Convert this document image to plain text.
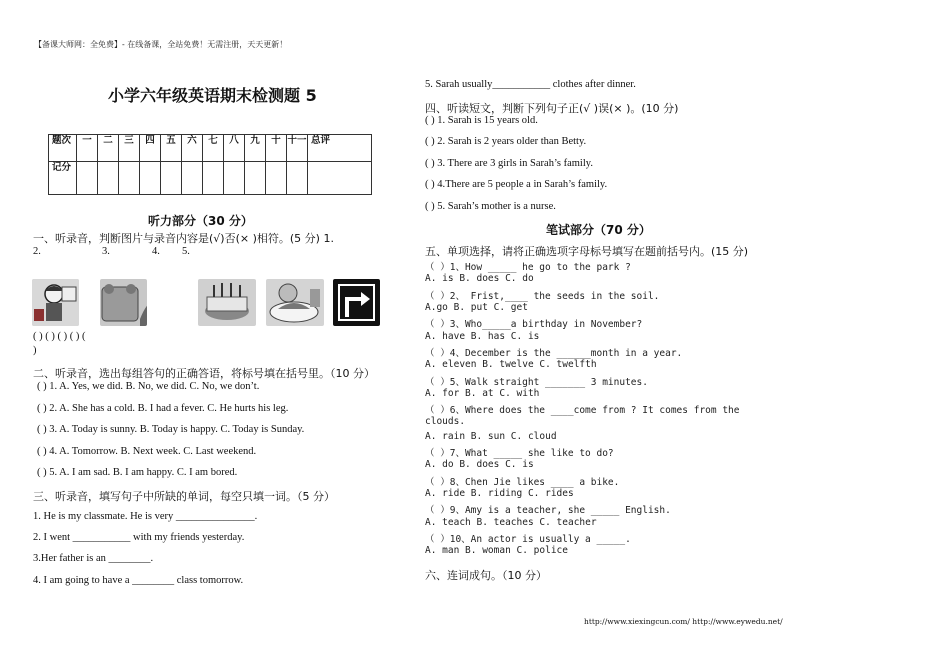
【备课大师网：全免费】- 在线备课，全站免费！无需注册，天天更新！
小学六年级英语期末检测题 5
题次	一	二	三	四	五	六	七	八	九	十	十一	总评
记分												
听力部分（30 分）
一、听录音，判断图片与录音内容是(√)否(× )相符。(5 分) 1.
2.	3.	4. 5.
( ) ( ) ( ) ( ) (
)
二、听录音，选出每组答句的正确答语，将标号填在括号里。（10 分）
( ) 1. A. Yes, we did. B. No, we did. C. No, we don’t.
( ) 2. A. She has a cold. B. I had a fever. C. He hurts his leg.
( ) 3. A. Today is sunny. B. Today is happy. C. Today is Sunday.
( ) 4. A. Tomorrow. B. Next week. C. Last weekend.
( ) 5. A. I am sad. B. I am happy. C. I am bored.
三、听录音，填写句子中所缺的单词，每空只填一词。（5 分）
1. He is my classmate. He is very _______________.
2. I went ___________ with my friends yesterday.
3.Her father is an ________.
4. I am going to have a ________ class tomorrow.
5. Sarah usually___________ clothes after dinner.
四、听读短文，判断下列句子正(√ )误(× )。(10 分)
( ) 1. Sarah is 15 years old.
( ) 2. Sarah is 2 years older than Betty.
( ) 3. There are 3 girls in Sarah’s family.
( ) 4.There are 5 people a in Sarah’s family.
( ) 5. Sarah’s mother is a nurse.
笔试部分（70 分）
五、单项选择，请将正确选项字母标号填写在题前括号内。(15 分)
（ ）1、How _____ he go to the park ?
A. is B. does C. do
（ ）2、 Frist,____ the seeds in the soil.
A.go B. put C. get
（ ）3、Who_____a birthday in November?
A. have B. has C. is
（ ）4、December is the ______month in a year.
A. eleven B. twelve C. twelfth
（ ）5、Walk straight _______ 3 minutes.
A. for B. at C. with
（ ）6、Where does the ____come from ? It comes from the
clouds.
A. rain B. sun C. cloud
（ ）7、What _____ she like to do?
A. do B. does C. is
（ ）8、Chen Jie likes ____ a bike.
A. ride B. riding C. rides
（ ）9、Amy is a teacher, she _____ English.
A. teach B. teaches C. teacher
（ ）10、An actor is usually a _____.
A. man B. woman C. police
六、连词成句。（10 分）
http://www.xiexingcun.com/ http://www.eywedu.net/
